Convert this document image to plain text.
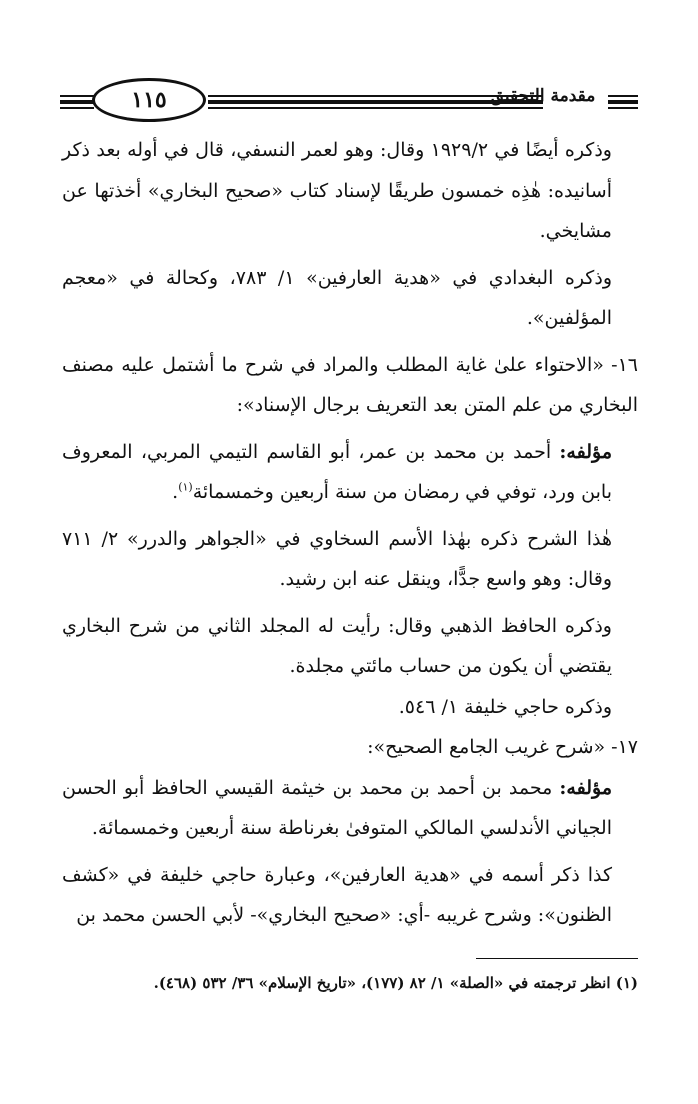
١١٥	مقدمة التحقيق

وذكره أيضًا في ١٩٢٩/٢ وقال: وهو لعمر النسفي، قال في أوله بعد ذكر أسانيده: هٰذِه خمسون طريقًا لإسناد كتاب «صحيح البخاري» أخذتها عن مشايخي.

وذكره البغدادي في «هدية العارفين» ١/ ٧٨٣، وكحالة في «معجم المؤلفين».

١٦- «الاحتواء علىٰ غاية المطلب والمراد في شرح ما أشتمل عليه مصنف البخاري من علم المتن بعد التعريف برجال الإسناد»:

مؤلفه: أحمد بن محمد بن عمر، أبو القاسم التيمي المربي، المعروف بابن ورد، توفي في رمضان من سنة أربعين وخمسمائة$^{(١)}$.

هٰذا الشرح ذكره بهٰذا الأسم السخاوي في «الجواهر والدرر» ٢/ ٧١١ وقال: وهو واسع جدًّا، وينقل عنه ابن رشيد.

وذكره الحافظ الذهبي وقال: رأيت له المجلد الثاني من شرح البخاري يقتضي أن يكون من حساب مائتي مجلدة.

وذكره حاجي خليفة ١/ ٥٤٦.

١٧- «شرح غريب الجامع الصحيح»:

مؤلفه: محمد بن أحمد بن محمد بن خيثمة القيسي الحافظ أبو الحسن الجياني الأندلسي المالكي المتوفىٰ بغرناطة سنة أربعين وخمسمائة.

كذا ذكر أسمه في «هدية العارفين»، وعبارة حاجي خليفة في «كشف الظنون»: وشرح غريبه -أي: «صحيح البخاري»- لأبي الحسن محمد بن

(١) انظر ترجمته في «الصلة» ١/ ٨٢ (١٧٧)، «تاريخ الإسلام» ٣٦/ ٥٣٢ (٤٦٨).
